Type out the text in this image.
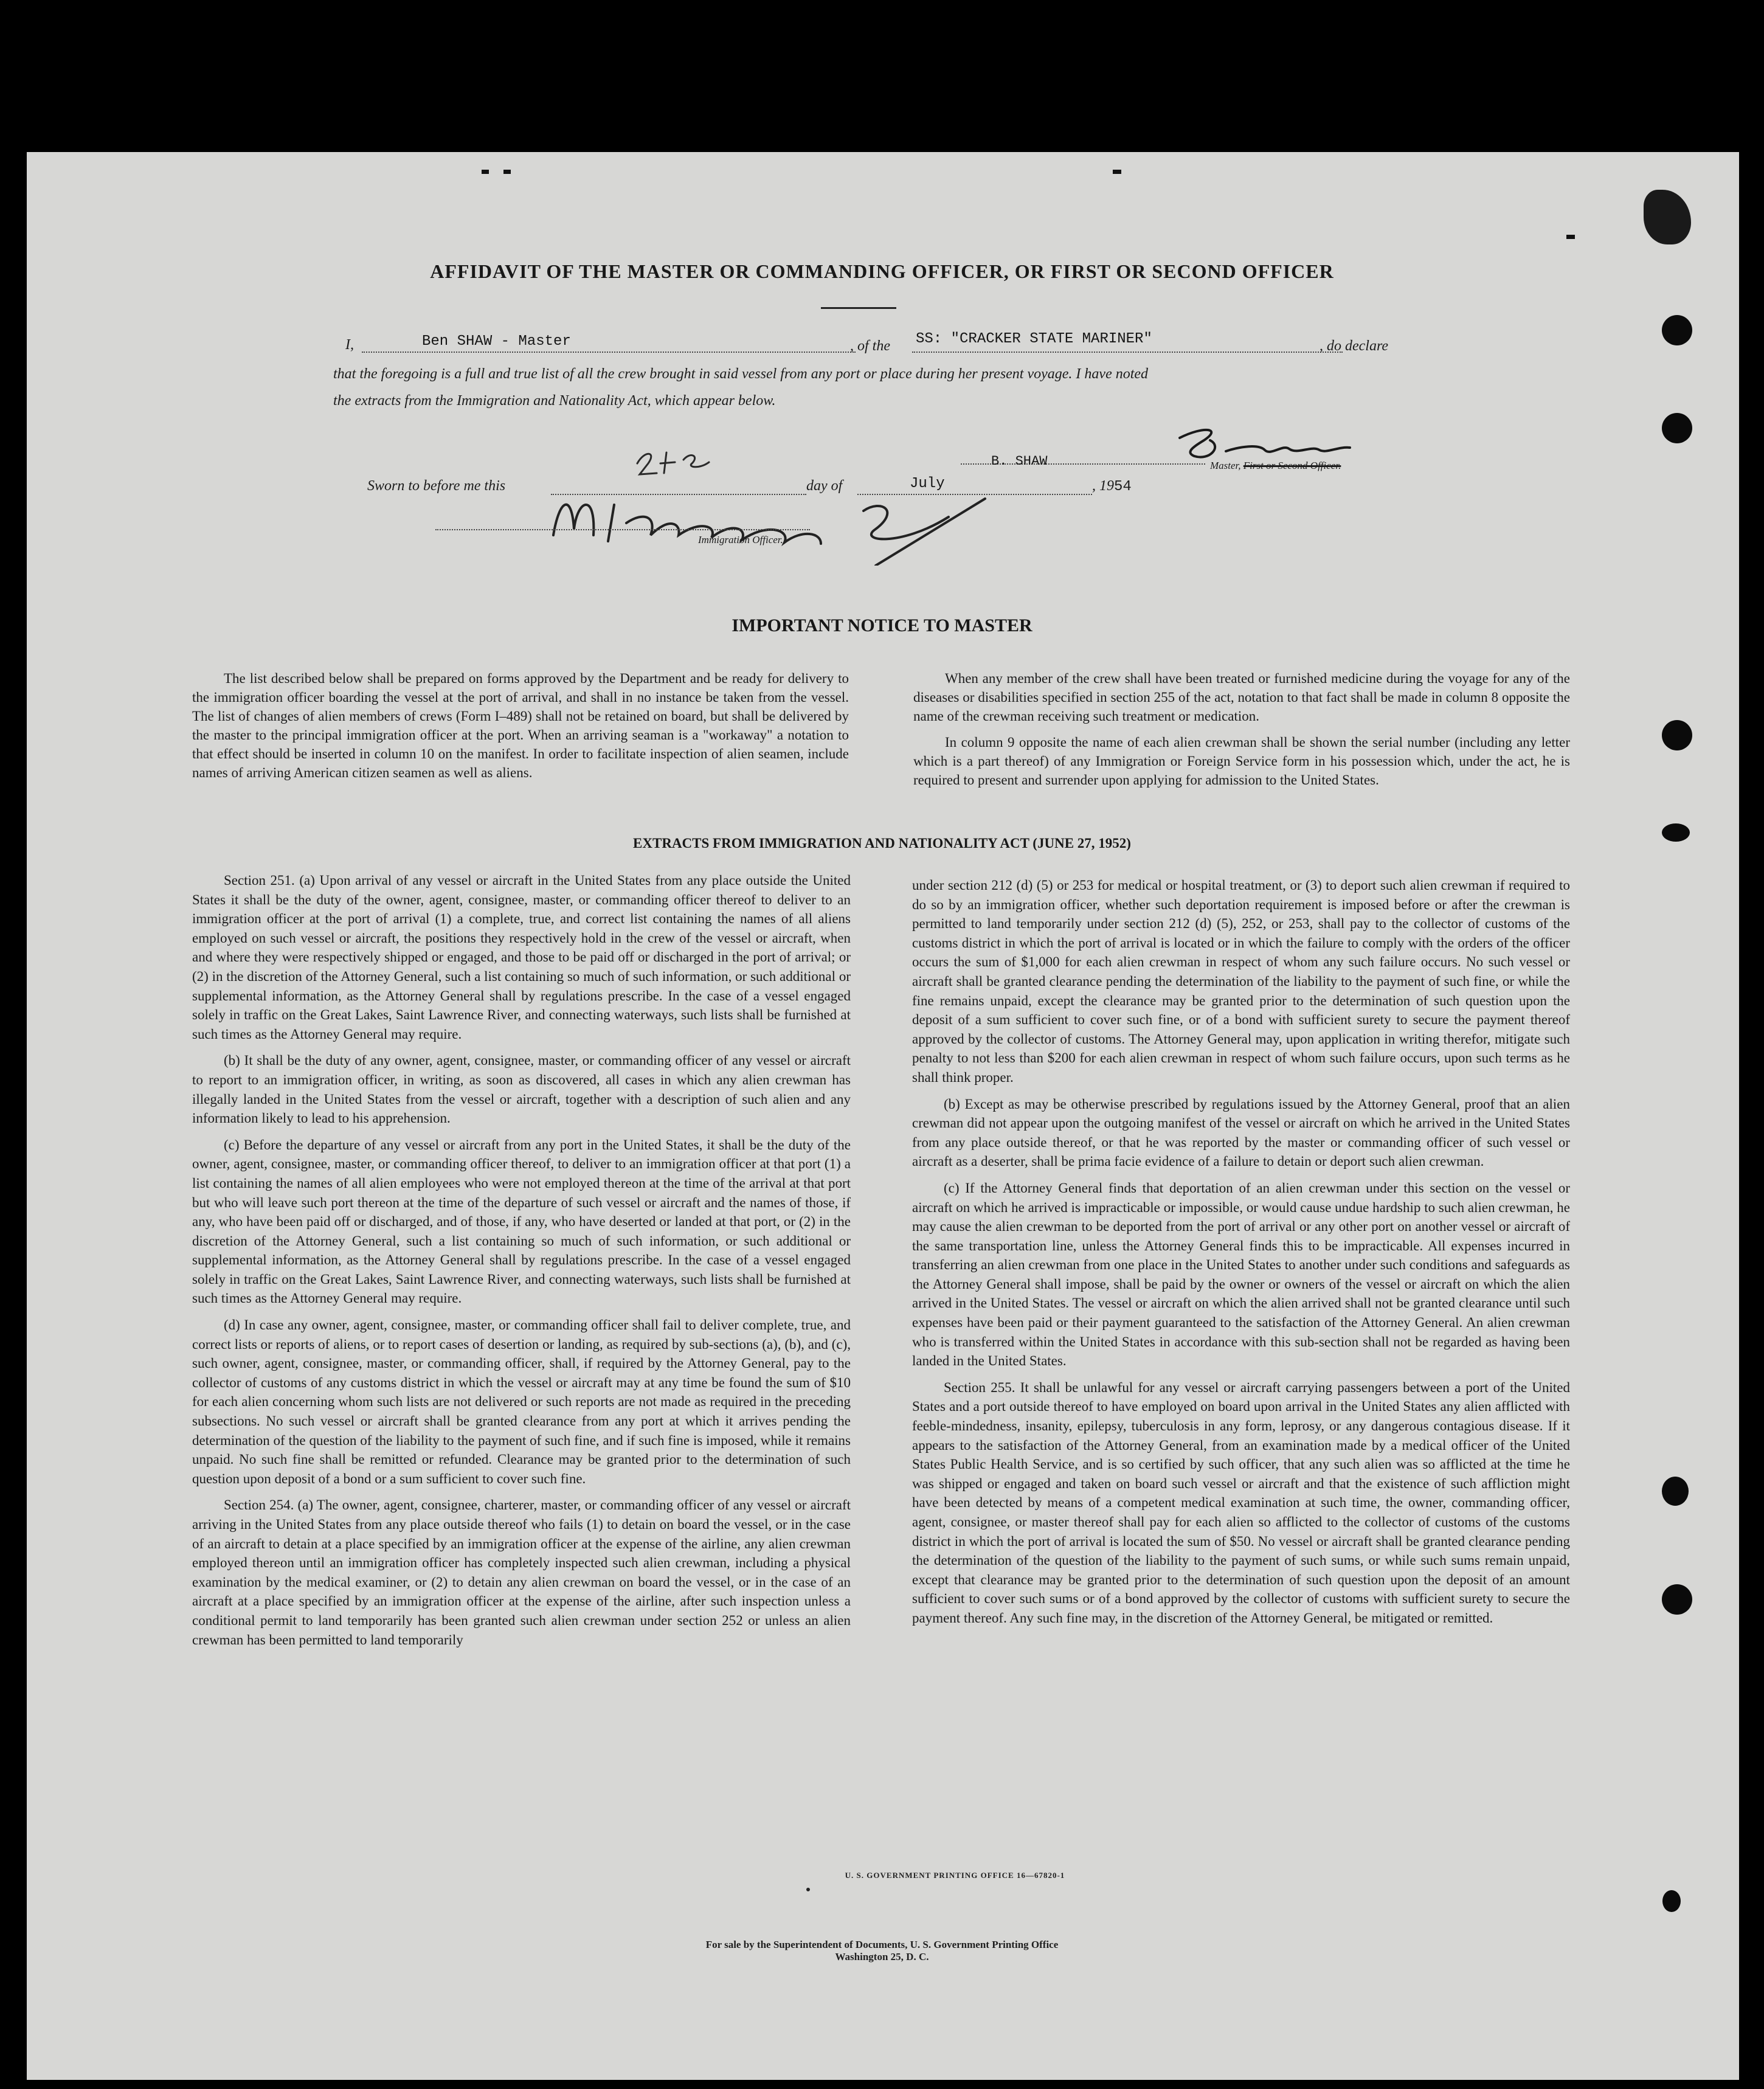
AFFIDAVIT OF THE MASTER OR COMMANDING OFFICER, OR FIRST OR SECOND OFFICER
I,	Ben SHAW - Master	, of the SS: "CRACKER STATE MARINER"	, do declare
that the foregoing is a full and true list of all the crew brought in said vessel from any port or place during her present voyage. I have noted
the extracts from the Immigration and Nationality Act, which appear below.
B. SHAW	Master, First or Second Officer.
Sworn to before me this	day of	July	, 1954
Immigration Officer.
IMPORTANT NOTICE TO MASTER

The list described below shall be prepared on forms approved by the Department and be ready for delivery to the immigration officer boarding the vessel at the port of arrival, and shall in no instance be taken from the vessel. The list of changes of alien members of crews (Form I–489) shall not be retained on board, but shall be delivered by the master to the principal immigration officer at the port. When an arriving seaman is a "workaway" a notation to that effect should be inserted in column 10 on the manifest. In order to facilitate inspection of alien seamen, include names of arriving American citizen seamen as well as aliens.

When any member of the crew shall have been treated or furnished medicine during the voyage for any of the diseases or disabilities specified in section 255 of the act, notation to that fact shall be made in column 8 opposite the name of the crewman receiving such treatment or medication.

In column 9 opposite the name of each alien crewman shall be shown the serial number (including any letter which is a part thereof) of any Immigration or Foreign Service form in his possession which, under the act, he is required to present and surrender upon applying for admission to the United States.

EXTRACTS FROM IMMIGRATION AND NATIONALITY ACT (JUNE 27, 1952)

Section 251. (a) Upon arrival of any vessel or aircraft in the United States from any place outside the United States it shall be the duty of the owner, agent, consignee, master, or commanding officer thereof to deliver to an immigration officer at the port of arrival (1) a complete, true, and correct list containing the names of all aliens employed on such vessel or aircraft, the positions they respectively hold in the crew of the vessel or aircraft, when and where they were respectively shipped or engaged, and those to be paid off or discharged in the port of arrival; or (2) in the discretion of the Attorney General, such a list containing so much of such information, or such additional or supplemental information, as the Attorney General shall by regulations prescribe. In the case of a vessel engaged solely in traffic on the Great Lakes, Saint Lawrence River, and connecting waterways, such lists shall be furnished at such times as the Attorney General may require.

(b) It shall be the duty of any owner, agent, consignee, master, or commanding officer of any vessel or aircraft to report to an immigration officer, in writing, as soon as discovered, all cases in which any alien crewman has illegally landed in the United States from the vessel or aircraft, together with a description of such alien and any information likely to lead to his apprehension.

(c) Before the departure of any vessel or aircraft from any port in the United States, it shall be the duty of the owner, agent, consignee, master, or commanding officer thereof, to deliver to an immigration officer at that port (1) a list containing the names of all alien employees who were not employed thereon at the time of the arrival at that port but who will leave such port thereon at the time of the departure of such vessel or aircraft and the names of those, if any, who have been paid off or discharged, and of those, if any, who have deserted or landed at that port, or (2) in the discretion of the Attorney General, such a list containing so much of such information, or such additional or supplemental information, as the Attorney General shall by regulations prescribe. In the case of a vessel engaged solely in traffic on the Great Lakes, Saint Lawrence River, and connecting waterways, such lists shall be furnished at such times as the Attorney General may require.

(d) In case any owner, agent, consignee, master, or commanding officer shall fail to deliver complete, true, and correct lists or reports of aliens, or to report cases of desertion or landing, as required by sub-sections (a), (b), and (c), such owner, agent, consignee, master, or commanding officer, shall, if required by the Attorney General, pay to the collector of customs of any customs district in which the vessel or aircraft may at any time be found the sum of $10 for each alien concerning whom such lists are not delivered or such reports are not made as required in the preceding subsections. No such vessel or aircraft shall be granted clearance from any port at which it arrives pending the determination of the question of the liability to the payment of such fine, and if such fine is imposed, while it remains unpaid. No such fine shall be remitted or refunded. Clearance may be granted prior to the determination of such question upon deposit of a bond or a sum sufficient to cover such fine.

Section 254. (a) The owner, agent, consignee, charterer, master, or commanding officer of any vessel or aircraft arriving in the United States from any place outside thereof who fails (1) to detain on board the vessel, or in the case of an aircraft to detain at a place specified by an immigration officer at the expense of the airline, any alien crewman employed thereon until an immigration officer has completely inspected such alien crewman, including a physical examination by the medical examiner, or (2) to detain any alien crewman on board the vessel, or in the case of an aircraft at a place specified by an immigration officer at the expense of the airline, after such inspection unless a conditional permit to land temporarily has been granted such alien crewman under section 252 or unless an alien crewman has been permitted to land temporarily

under section 212 (d) (5) or 253 for medical or hospital treatment, or (3) to deport such alien crewman if required to do so by an immigration officer, whether such deportation requirement is imposed before or after the crewman is permitted to land temporarily under section 212 (d) (5), 252, or 253, shall pay to the collector of customs of the customs district in which the port of arrival is located or in which the failure to comply with the orders of the officer occurs the sum of $1,000 for each alien crewman in respect of whom any such failure occurs. No such vessel or aircraft shall be granted clearance pending the determination of the liability to the payment of such fine, or while the fine remains unpaid, except the clearance may be granted prior to the determination of such question upon the deposit of a sum sufficient to cover such fine, or of a bond with sufficient surety to secure the payment thereof approved by the collector of customs. The Attorney General may, upon application in writing therefor, mitigate such penalty to not less than $200 for each alien crewman in respect of whom such failure occurs, upon such terms as he shall think proper.

(b) Except as may be otherwise prescribed by regulations issued by the Attorney General, proof that an alien crewman did not appear upon the outgoing manifest of the vessel or aircraft on which he arrived in the United States from any place outside thereof, or that he was reported by the master or commanding officer of such vessel or aircraft as a deserter, shall be prima facie evidence of a failure to detain or deport such alien crewman.

(c) If the Attorney General finds that deportation of an alien crewman under this section on the vessel or aircraft on which he arrived is impracticable or impossible, or would cause undue hardship to such alien crewman, he may cause the alien crewman to be deported from the port of arrival or any other port on another vessel or aircraft of the same transportation line, unless the Attorney General finds this to be impracticable. All expenses incurred in transferring an alien crewman from one place in the United States to another under such conditions and safeguards as the Attorney General shall impose, shall be paid by the owner or owners of the vessel or aircraft on which the alien arrived in the United States. The vessel or aircraft on which the alien arrived shall not be granted clearance until such expenses have been paid or their payment guaranteed to the satisfaction of the Attorney General. An alien crewman who is transferred within the United States in accordance with this sub-section shall not be regarded as having been landed in the United States.

Section 255. It shall be unlawful for any vessel or aircraft carrying passengers between a port of the United States and a port outside thereof to have employed on board upon arrival in the United States any alien afflicted with feeble-mindedness, insanity, epilepsy, tuberculosis in any form, leprosy, or any dangerous contagious disease. If it appears to the satisfaction of the Attorney General, from an examination made by a medical officer of the United States Public Health Service, and is so certified by such officer, that any such alien was so afflicted at the time he was shipped or engaged and taken on board such vessel or aircraft and that the existence of such affliction might have been detected by means of a competent medical examination at such time, the owner, commanding officer, agent, consignee, or master thereof shall pay for each alien so afflicted to the collector of customs of the customs district in which the port of arrival is located the sum of $50. No vessel or aircraft shall be granted clearance pending the determination of the question of the liability to the payment of such sums, or while such sums remain unpaid, except that clearance may be granted prior to the determination of such question upon the deposit of an amount sufficient to cover such sums or of a bond approved by the collector of customs with sufficient surety to secure the payment thereof. Any such fine may, in the discretion of the Attorney General, be mitigated or remitted.

U. S. GOVERNMENT PRINTING OFFICE 16—67820-1
For sale by the Superintendent of Documents, U. S. Government Printing Office
Washington 25, D. C.
